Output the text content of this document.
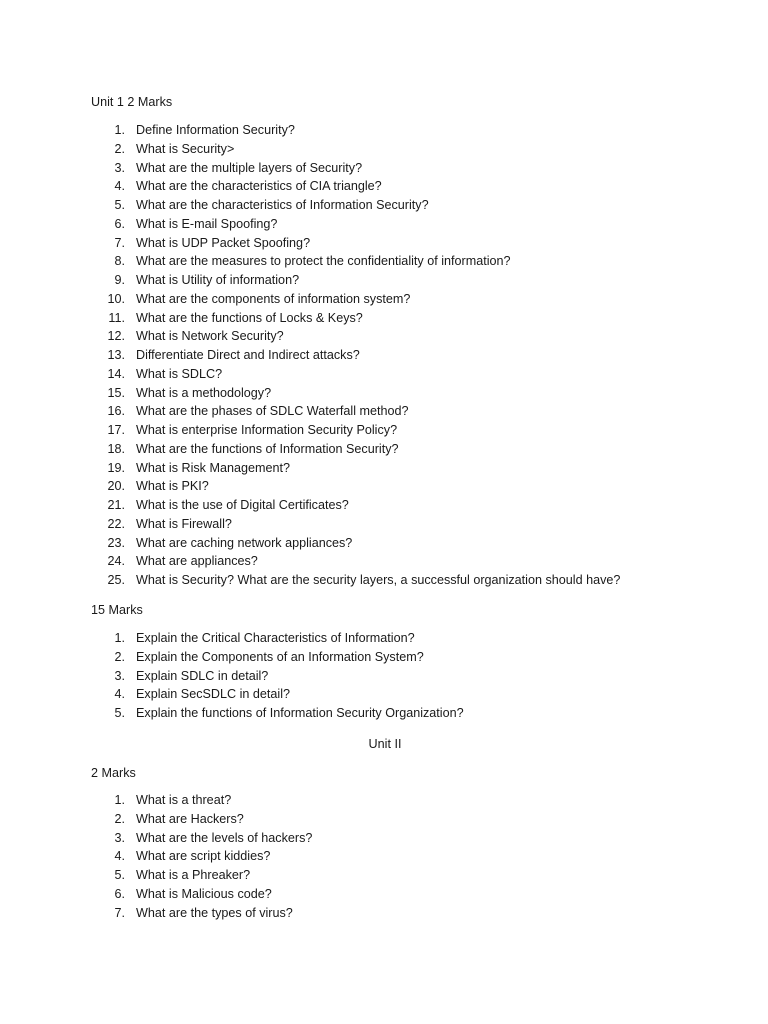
Unit 1 2 Marks
1. Define Information Security?
2. What is Security>
3. What are the multiple layers of Security?
4. What are the characteristics of CIA triangle?
5. What are the characteristics of Information Security?
6. What is E-mail Spoofing?
7. What is UDP Packet Spoofing?
8. What are the measures to protect the confidentiality of information?
9. What is Utility of information?
10. What are the components of information system?
11. What are the functions of Locks & Keys?
12. What is Network Security?
13. Differentiate Direct and Indirect attacks?
14. What is SDLC?
15. What is a methodology?
16. What are the phases of SDLC Waterfall method?
17. What is enterprise Information Security Policy?
18. What are the functions of Information Security?
19. What is Risk Management?
20. What is PKI?
21. What is the use of Digital Certificates?
22. What is Firewall?
23. What are caching network appliances?
24. What are appliances?
25. What is Security? What are the security layers, a successful organization should have?
15 Marks
1. Explain the Critical Characteristics of Information?
2. Explain the Components of an Information System?
3. Explain SDLC in detail?
4. Explain SecSDLC in detail?
5. Explain the functions of Information Security Organization?
Unit II
2 Marks
1. What is a threat?
2. What are Hackers?
3. What are the levels of hackers?
4. What are script kiddies?
5. What is a Phreaker?
6. What is Malicious code?
7. What are the types of virus?
